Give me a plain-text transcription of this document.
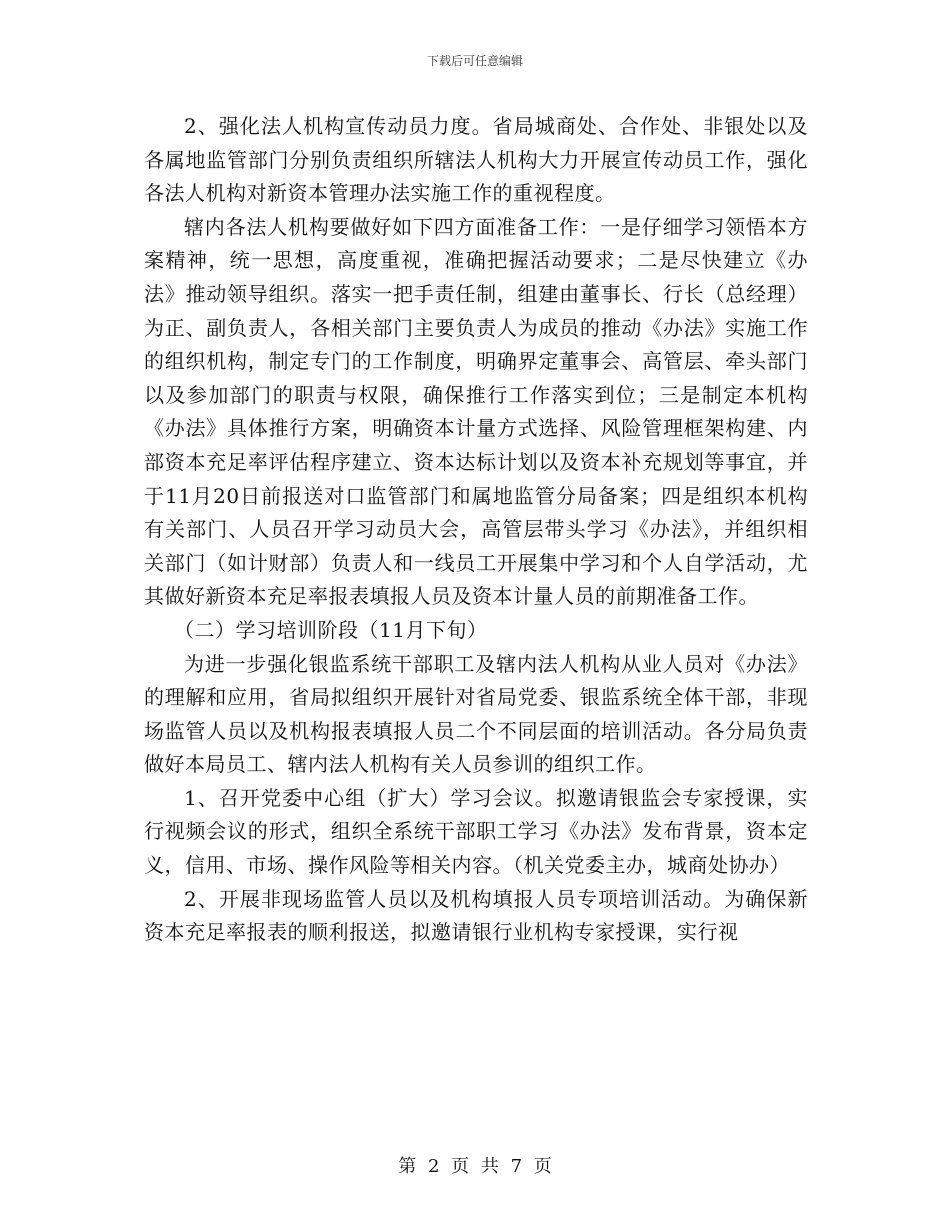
下载后可任意编辑

2、强化法人机构宣传动员力度。省局城商处、合作处、非银处以及各属地监管部门分别负责组织所辖法人机构大力开展宣传动员工作，强化各法人机构对新资本管理办法实施工作的重视程度。

辖内各法人机构要做好如下四方面准备工作：一是仔细学习领悟本方案精神，统一思想，高度重视，准确把握活动要求；二是尽快建立《办法》推动领导组织。落实一把手责任制，组建由董事长、行长（总经理）为正、副负责人，各相关部门主要负责人为成员的推动《办法》实施工作的组织机构，制定专门的工作制度，明确界定董事会、高管层、牵头部门以及参加部门的职责与权限，确保推行工作落实到位；三是制定本机构《办法》具体推行方案，明确资本计量方式选择、风险管理框架构建、内部资本充足率评估程序建立、资本达标计划以及资本补充规划等事宜，并于11月20日前报送对口监管部门和属地监管分局备案；四是组织本机构有关部门、人员召开学习动员大会，高管层带头学习《办法》，并组织相关部门（如计财部）负责人和一线员工开展集中学习和个人自学活动，尤其做好新资本充足率报表填报人员及资本计量人员的前期准备工作。

（二）学习培训阶段（11月下旬）

为进一步强化银监系统干部职工及辖内法人机构从业人员对《办法》的理解和应用，省局拟组织开展针对省局党委、银监系统全体干部，非现场监管人员以及机构报表填报人员二个不同层面的培训活动。各分局负责做好本局员工、辖内法人机构有关人员参训的组织工作。

1、召开党委中心组（扩大）学习会议。拟邀请银监会专家授课，实行视频会议的形式，组织全系统干部职工学习《办法》发布背景，资本定义，信用、市场、操作风险等相关内容。（机关党委主办，城商处协办）

2、开展非现场监管人员以及机构填报人员专项培训活动。为确保新资本充足率报表的顺利报送，拟邀请银行业机构专家授课，实行视

第 2 页 共 7 页
